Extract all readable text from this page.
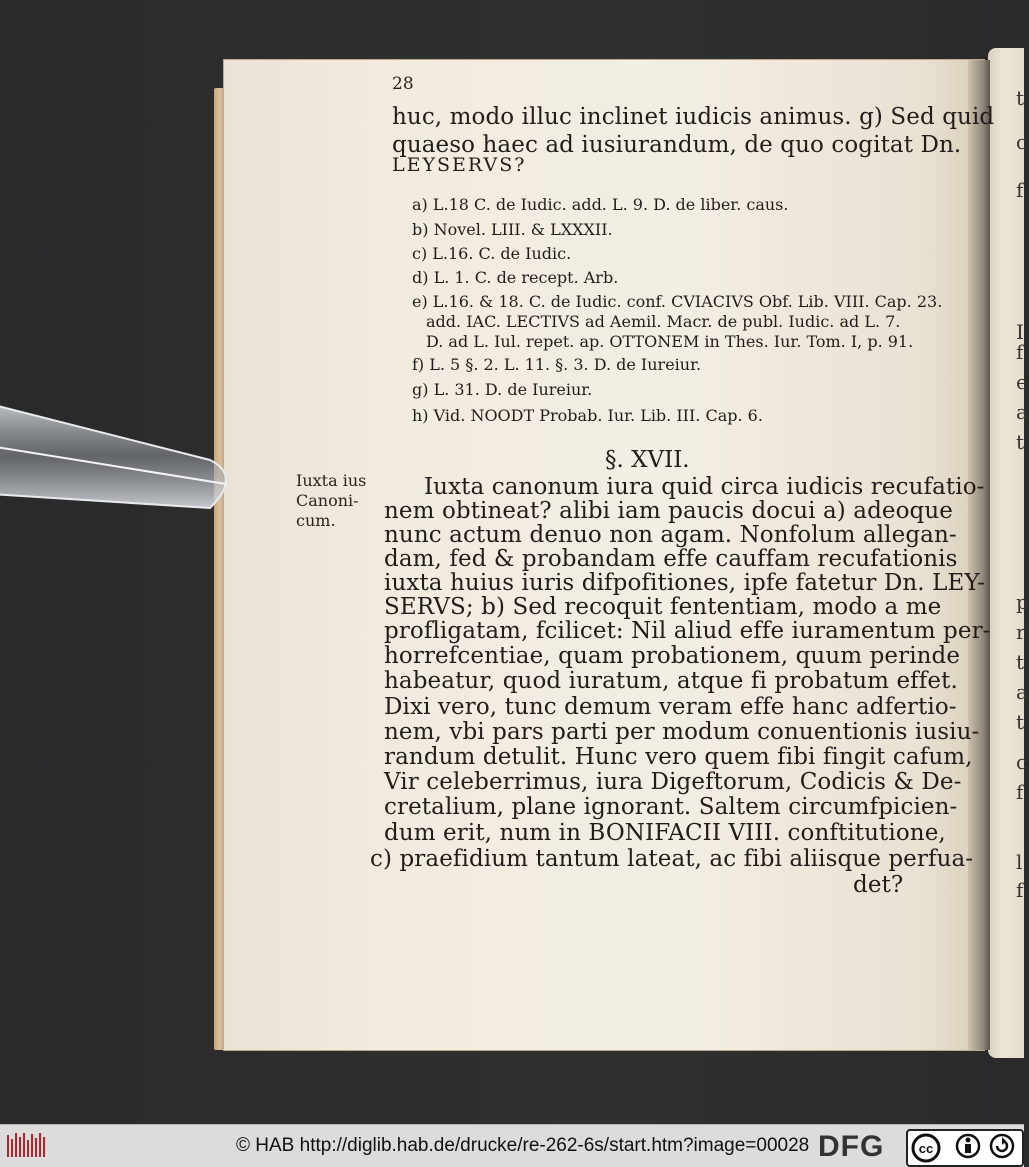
t
c
f
I
f
e
a
t
p
r
t
a
t
c
f
l
f
28
huc, modo illuc inclinet iudicis animus. g) Sed quid
quaeso haec ad iusiurandum, de quo cogitat Dn.
LEYSERVS?
a) L.18 C. de Iudic. add. L. 9. D. de liber. caus.
b) Novel. LIII. & LXXXII.
c) L.16. C. de Iudic.
d) L. 1. C. de recept. Arb.
e) L.16. & 18. C. de Iudic. conf. CVIACIVS Obf. Lib. VIII. Cap. 23.
add. IAC. LECTIVS ad Aemil. Macr. de publ. Iudic. ad L. 7.
D. ad L. Iul. repet. ap. OTTONEM in Thes. Iur. Tom. I, p. 91.
f) L. 5 §. 2. L. 11. §. 3. D. de Iureiur.
g) L. 31. D. de Iureiur.
h) Vid. NOODT Probab. Iur. Lib. III. Cap. 6.
§. XVII.
Iuxta ius
Canoni-
cum.
Iuxta canonum iura quid circa iudicis recufatio-
nem obtineat? alibi iam paucis docui a) adeoque
nunc actum denuo non agam. Nonfolum allegan-
dam, fed & probandam effe cauffam recufationis
iuxta huius iuris difpofitiones, ipfe fatetur Dn. LEY-
SERVS; b) Sed recoquit fententiam, modo a me
profligatam, fcilicet: Nil aliud effe iuramentum per-
horrefcentiae, quam probationem, quum perinde
habeatur, quod iuratum, atque fi probatum effet.
Dixi vero, tunc demum veram effe hanc adfertio-
nem, vbi pars parti per modum conuentionis iusiu-
randum detulit. Hunc vero quem fibi fingit cafum,
Vir celeberrimus, iura Digeftorum, Codicis & De-
cretalium, plane ignorant. Saltem circumfpicien-
dum erit, num in BONIFACII VIII. conftitutione,
c) praefidium tantum lateat, ac fibi aliisque perfua-
det?
© HAB http://diglib.hab.de/drucke/re-262-6s/start.htm?image=00028 DFG	cc
